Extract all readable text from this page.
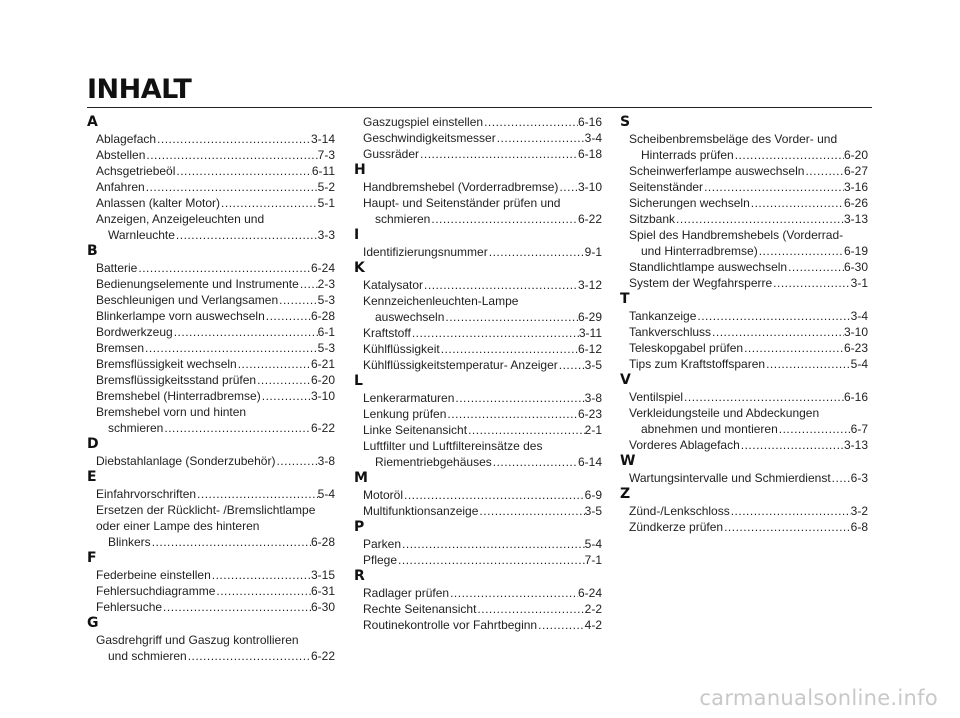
INHALT
A
Ablagefach .....	3-14
Abstellen .....	7-3
Achsgetriebeöl .....	6-11
Anfahren .....	5-2
Anlassen (kalter Motor) .....	5-1
Anzeigen, Anzeigeleuchten und
Warnleuchte .....	3-3
B
Batterie .....	6-24
Bedienungselemente und Instrumente ..... 2-3
Beschleunigen und Verlangsamen .....	5-3
Blinkerlampe vorn auswechseln .....	6-28
Bordwerkzeug .....	6-1
Bremsen .....	5-3
Bremsflüssigkeit wechseln .....	6-21
Bremsflüssigkeitsstand prüfen .....	6-20
Bremshebel (Hinterradbremse) .....	3-10
Bremshebel vorn und hinten
schmieren .....	6-22
D
Diebstahlanlage (Sonderzubehör) .....	3-8
E
Einfahrvorschriften .....	5-4
Ersetzen der Rücklicht- /Bremslichtlampe
oder einer Lampe des hinteren
Blinkers .....	6-28
F
Federbeine einstellen .....	3-15
Fehlersuchdiagramme .....	6-31
Fehlersuche .....	6-30
G
Gasdrehgriff und Gaszug kontrollieren
und schmieren .....	6-22
Gaszugspiel einstellen .....	6-16
Geschwindigkeitsmesser .....	3-4
Gussräder .....	6-18
H
Handbremshebel (Vorderradbremse) ..... 3-10
Haupt- und Seitenständer prüfen und
schmieren .....	6-22
I
Identifizierungsnummer .....	9-1
K
Katalysator .....	3-12
Kennzeichenleuchten-Lampe
auswechseln .....	6-29
Kraftstoff .....	3-11
Kühlflüssigkeit .....	6-12
Kühlflüssigkeitstemperatur- Anzeiger ..... 3-5
L
Lenkerarmaturen .....	3-8
Lenkung prüfen .....	6-23
Linke Seitenansicht .....	2-1
Luftfilter und Luftfiltereinsätze des
Riementriebgehäuses .....	6-14
M
Motoröl .....	6-9
Multifunktionsanzeige .....	3-5
P
Parken .....	5-4
Pflege .....	7-1
R
Radlager prüfen .....	6-24
Rechte Seitenansicht .....	2-2
Routinekontrolle vor Fahrtbeginn .....	4-2
S
Scheibenbremsbeläge des Vorder- und
Hinterrads prüfen .....	6-20
Scheinwerferlampe auswechseln .....	6-27
Seitenständer .....	3-16
Sicherungen wechseln .....	6-26
Sitzbank .....	3-13
Spiel des Handbremshebels (Vorderrad-
und Hinterradbremse) .....	6-19
Standlichtlampe auswechseln .....	6-30
System der Wegfahrsperre .....	3-1
T
Tankanzeige .....	3-4
Tankverschluss .....	3-10
Teleskopgabel prüfen .....	6-23
Tips zum Kraftstoffsparen .....	5-4
V
Ventilspiel .....	6-16
Verkleidungsteile und Abdeckungen
abnehmen und montieren .....	6-7
Vorderes Ablagefach .....	3-13
W
Wartungsintervalle und Schmierdienst ..... 6-3
Z
Zünd-/Lenkschloss .....	3-2
Zündkerze prüfen .....	6-8
carmanualsonline.info
